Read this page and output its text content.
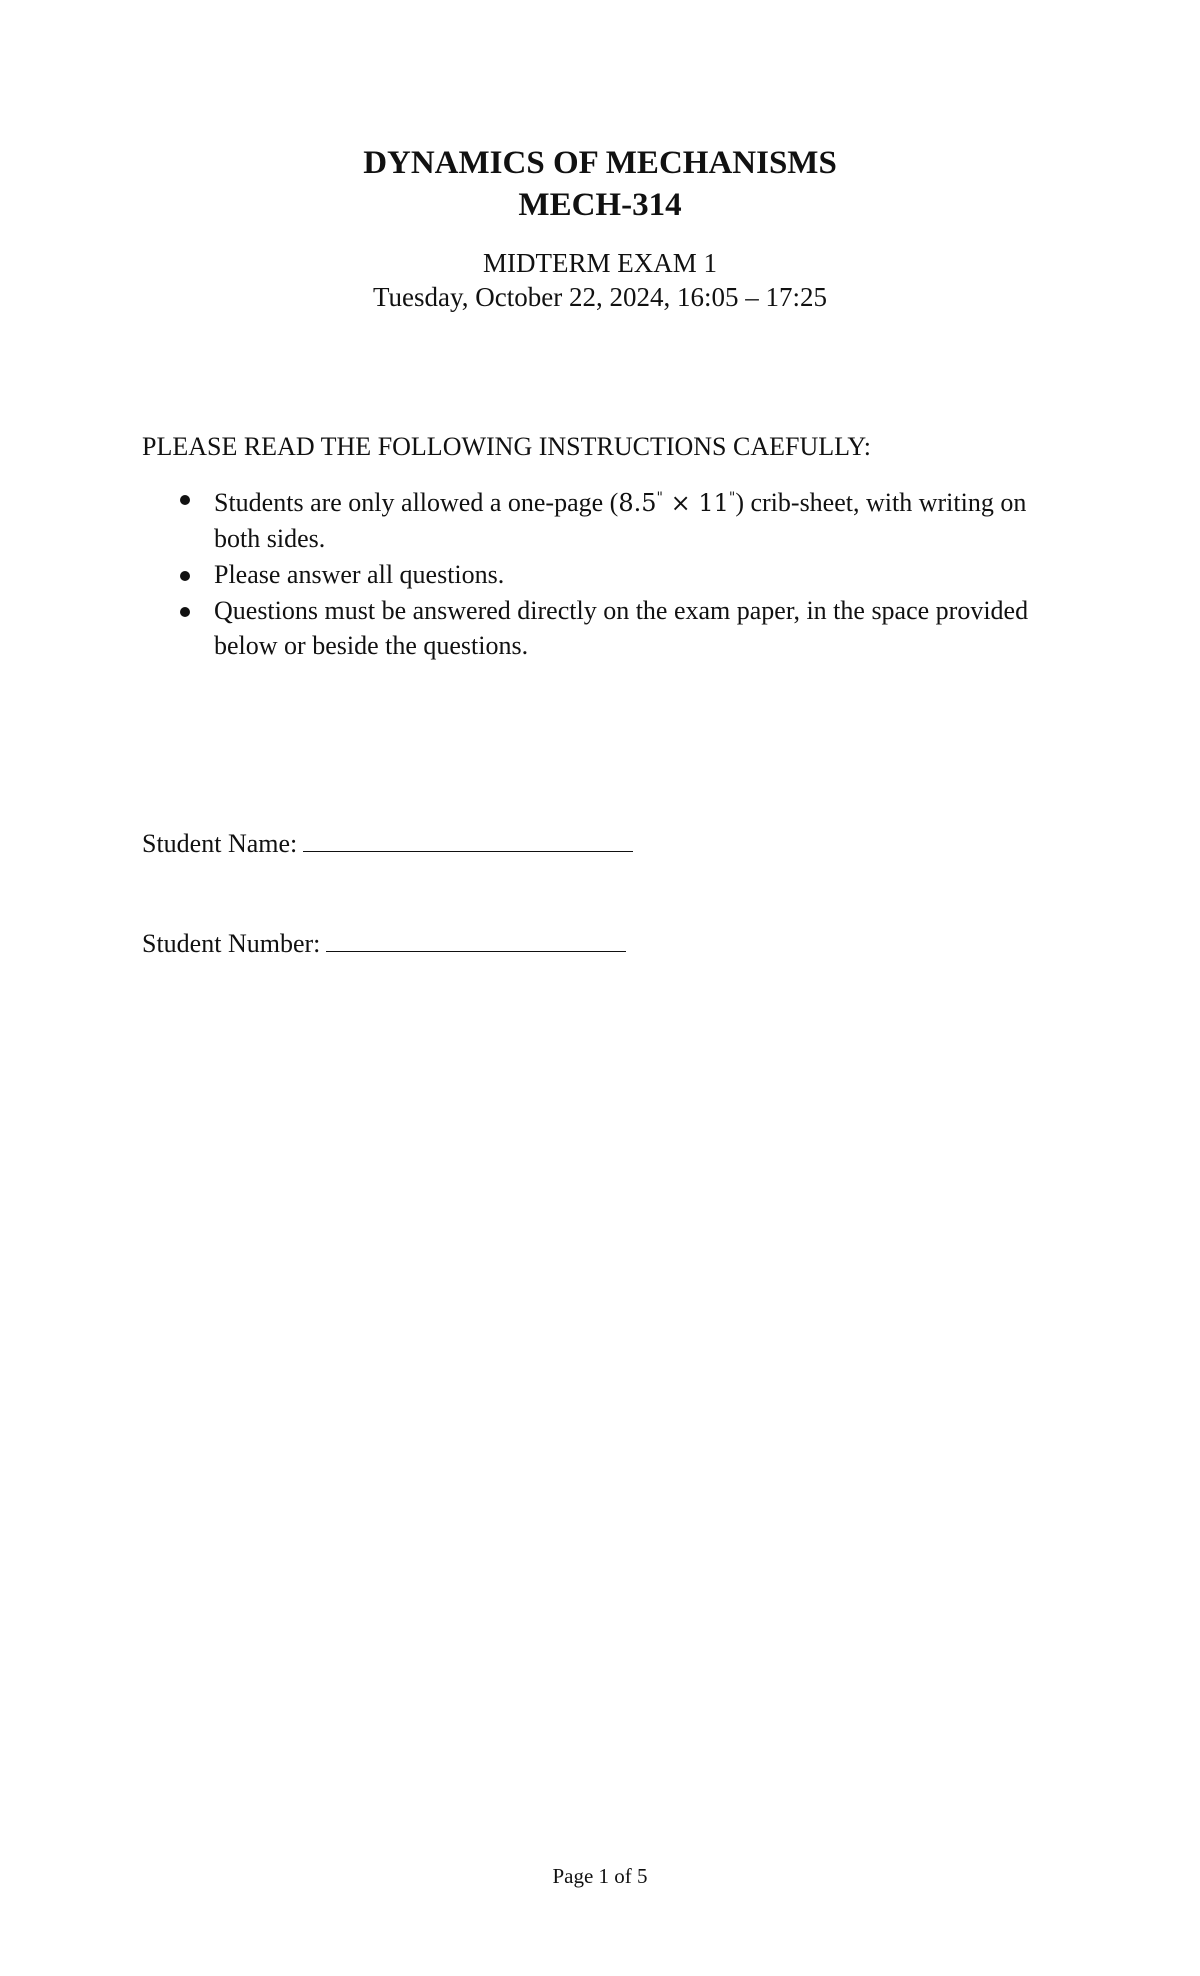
DYNAMICS OF MECHANISMS
MECH-314
MIDTERM EXAM 1
Tuesday, October 22, 2024, 16:05 – 17:25
PLEASE READ THE FOLLOWING INSTRUCTIONS CAEFULLY:
Students are only allowed a one-page (8.5" × 11") crib-sheet, with writing on both sides.
Please answer all questions.
Questions must be answered directly on the exam paper, in the space provided below or beside the questions.
Student Name:
Student Number:
Page 1 of 5
